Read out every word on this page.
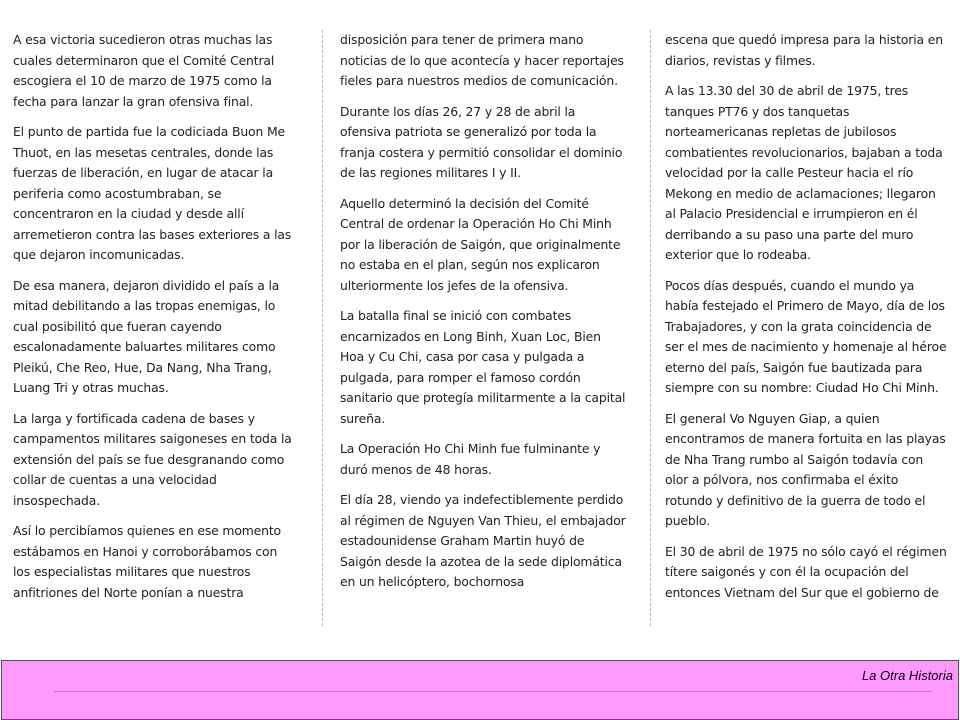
A esa victoria sucedieron otras muchas las cuales determinaron que el Comité Central escogiera el 10 de marzo de 1975 como la fecha para lanzar la gran ofensiva final.

El punto de partida fue la codiciada Buon Me Thuot, en las mesetas centrales, donde las fuerzas de liberación, en lugar de atacar la periferia como acostumbraban, se concentraron en la ciudad y desde allí arremetieron contra las bases exteriores a las que dejaron incomunicadas.

De esa manera, dejaron dividido el país a la mitad debilitando a las tropas enemigas, lo cual posibilitó que fueran cayendo escalonadamente baluartes militares como Pleikú, Che Reo, Hue, Da Nang, Nha Trang, Luang Tri y otras muchas.

La larga y fortificada cadena de bases y campamentos militares saigoneses en toda la extensión del país se fue desgranando como collar de cuentas a una velocidad insospechada.

Así lo percibíamos quienes en ese momento estábamos en Hanoi y corroborábamos con los especialistas militares que nuestros anfitriones del Norte ponían a nuestra

disposición para tener de primera mano noticias de lo que acontecía y hacer reportajes fieles para nuestros medios de comunicación.

Durante los días 26, 27 y 28 de abril la ofensiva patriota se generalizó por toda la franja costera y permitió consolidar el dominio de las regiones militares I y II.

Aquello determinó la decisión del Comité Central de ordenar la Operación Ho Chi Minh por la liberación de Saigón, que originalmente no estaba en el plan, según nos explicaron ulteriormente los jefes de la ofensiva.

La batalla final se inició con combates encarnizados en Long Binh, Xuan Loc, Bien Hoa y Cu Chi, casa por casa y pulgada a pulgada, para romper el famoso cordón sanitario que protegía militarmente a la capital sureña.

La Operación Ho Chi Minh fue fulminante y duró menos de 48 horas.

El día 28, viendo ya indefectiblemente perdido al régimen de Nguyen Van Thieu, el embajador estadounidense Graham Martin huyó de Saigón desde la azotea de la sede diplomática en un helicóptero, bochornosa

escena que quedó impresa para la historia en diarios, revistas y filmes.

A las 13.30 del 30 de abril de 1975, tres tanques PT76 y dos tanquetas norteamericanas repletas de jubilosos combatientes revolucionarios, bajaban a toda velocidad por la calle Pesteur hacia el río Mekong en medio de aclamaciones; llegaron al Palacio Presidencial e irrumpieron en él derribando a su paso una parte del muro exterior que lo rodeaba.

Pocos días después, cuando el mundo ya había festejado el Primero de Mayo, día de los Trabajadores, y con la grata coincidencia de ser el mes de nacimiento y homenaje al héroe eterno del país, Saigón fue bautizada para siempre con su nombre: Ciudad Ho Chi Minh.

El general Vo Nguyen Giap, a quien encontramos de manera fortuita en las playas de Nha Trang rumbo al Saigón todavía con olor a pólvora, nos confirmaba el éxito rotundo y definitivo de la guerra de todo el pueblo.

El 30 de abril de 1975 no sólo cayó el régimen títere saigonés y con él la ocupación del entonces Vietnam del Sur que el gobierno de

La Otra Historia
